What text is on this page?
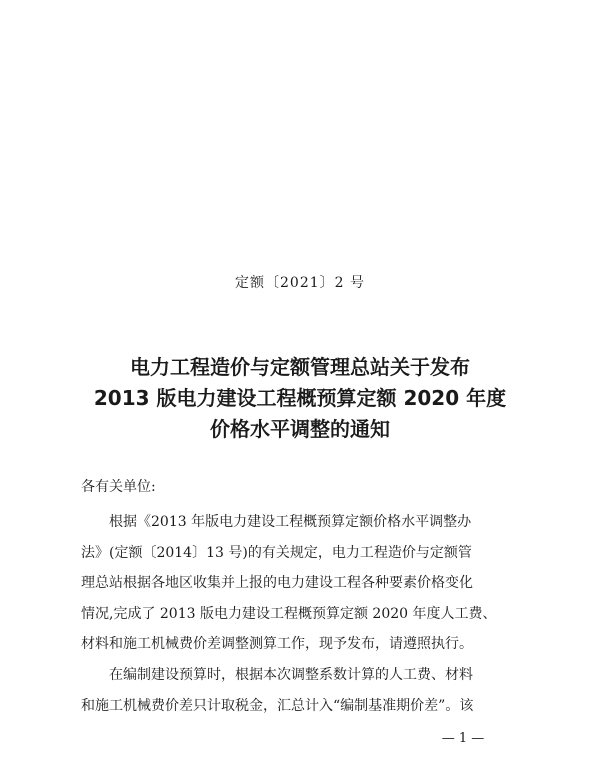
定额〔2021〕2 号
电力工程造价与定额管理总站关于发布
2013 版电力建设工程概预算定额 2020 年度
价格水平调整的通知
各有关单位:
根据《2013 年版电力建设工程概预算定额价格水平调整办
法》(定额〔2014〕13 号)的有关规定，电力工程造价与定额管
理总站根据各地区收集并上报的电力建设工程各种要素价格变化
情况,完成了 2013 版电力建设工程概预算定额 2020 年度人工费、
材料和施工机械费价差调整测算工作，现予发布，请遵照执行。
在编制建设预算时，根据本次调整系数计算的人工费、材料
和施工机械费价差只计取税金，汇总计入“编制基准期价差”。该
— 1 —
